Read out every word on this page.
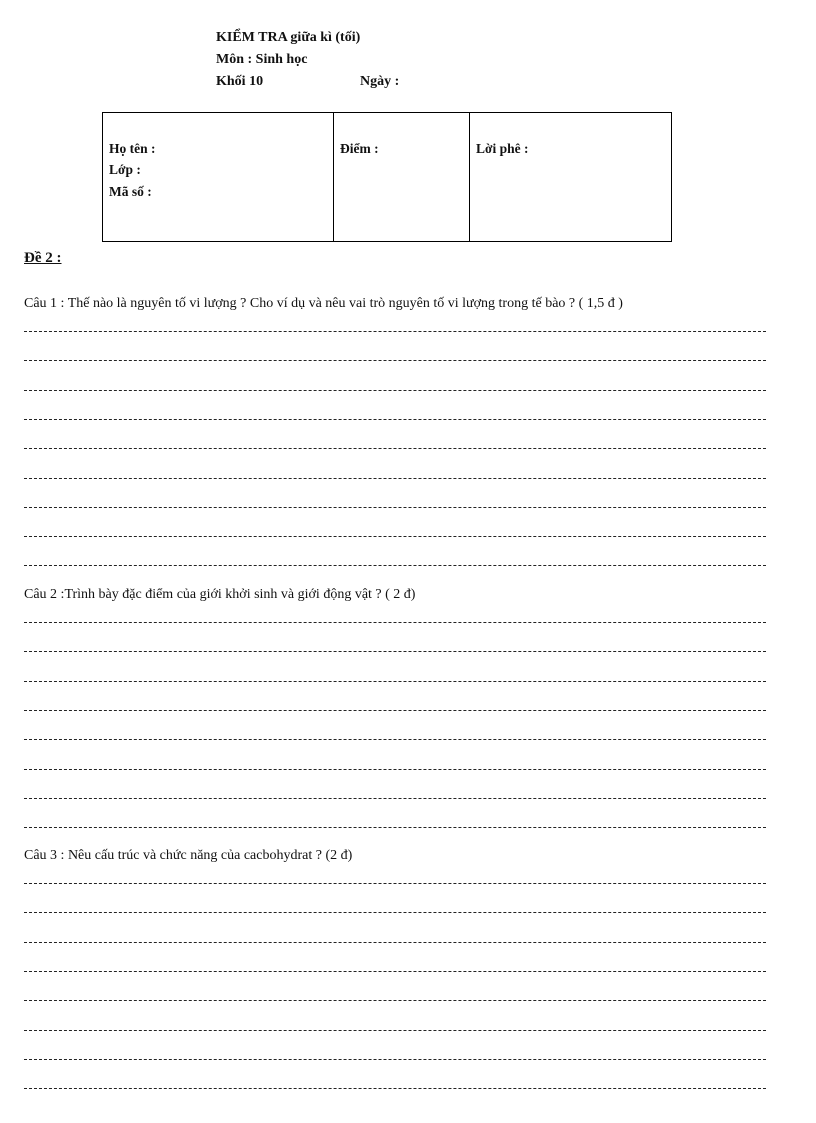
KIỂM TRA giữa kì (tối)
Môn : Sinh học
Khối 10	Ngày :
Họ tên :
Lớp :
Mã số :
Điểm :	Lời phê :
Đề 2 :
Câu 1 : Thế nào là nguyên tố vi lượng ? Cho ví dụ và nêu vai trò nguyên tố vi lượng trong tế bào ? ( 1,5 đ )
Câu 2 :Trình bày đặc điểm của giới khởi sinh và giới động vật ? ( 2 đ)
Câu 3 : Nêu cấu trúc và chức năng của cacbohydrat ? (2 đ)
